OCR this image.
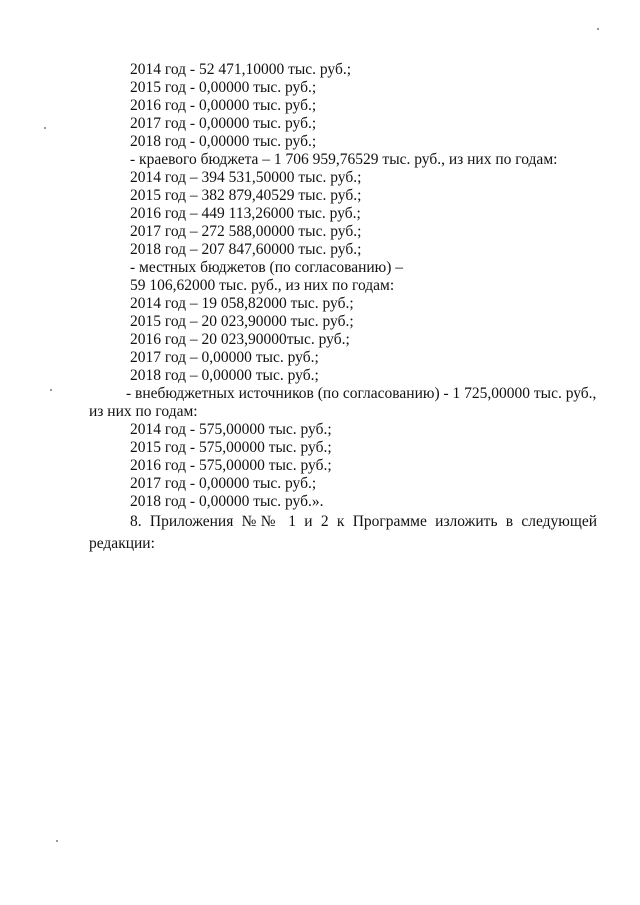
2014 год - 52 471,10000 тыс. руб.;
2015 год - 0,00000 тыс. руб.;
2016 год - 0,00000 тыс. руб.;
2017 год - 0,00000 тыс. руб.;
2018 год - 0,00000 тыс. руб.;
- краевого бюджета – 1 706 959,76529 тыс. руб., из них по годам:
2014 год – 394 531,50000 тыс. руб.;
2015 год – 382 879,40529 тыс. руб.;
2016 год – 449 113,26000 тыс. руб.;
2017 год – 272 588,00000 тыс. руб.;
2018 год – 207 847,60000 тыс. руб.;
- местных бюджетов (по согласованию) –
59 106,62000 тыс. руб., из них по годам:
2014 год – 19 058,82000 тыс. руб.;
2015 год – 20 023,90000 тыс. руб.;
2016 год – 20 023,90000тыс. руб.;
2017 год – 0,00000 тыс. руб.;
2018 год – 0,00000 тыс. руб.;
- внебюджетных источников (по согласованию) - 1 725,00000 тыс. руб.,
из них по годам:
2014 год - 575,00000 тыс. руб.;
2015 год - 575,00000 тыс. руб.;
2016 год - 575,00000 тыс. руб.;
2017 год - 0,00000 тыс. руб.;
2018 год - 0,00000 тыс. руб.».

8. Приложения №№ 1 и 2 к Программе изложить в следующей редакции:
